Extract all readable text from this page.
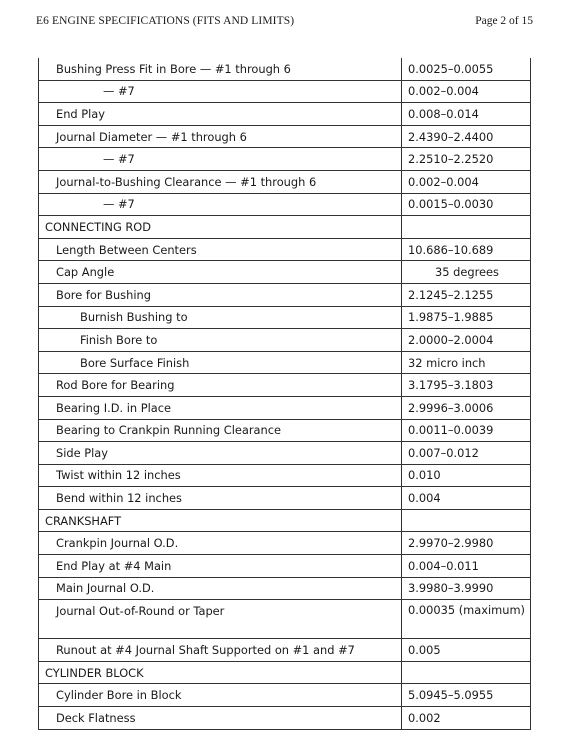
E6 ENGINE SPECIFICATIONS (FITS AND LIMITS)	Page 2 of 15
Bushing Press Fit in Bore — #1 through 6	0.0025–0.0055
— #7	0.002–0.004
End Play	0.008–0.014
Journal Diameter — #1 through 6	2.4390–2.4400
— #7	2.2510–2.2520
Journal-to-Bushing Clearance — #1 through 6	0.002–0.004
— #7	0.0015–0.0030
CONNECTING ROD	
Length Between Centers	10.686–10.689
Cap Angle	35 degrees
Bore for Bushing	2.1245–2.1255
Burnish Bushing to	1.9875–1.9885
Finish Bore to	2.0000–2.0004
Bore Surface Finish	32 micro inch
Rod Bore for Bearing	3.1795–3.1803
Bearing I.D. in Place	2.9996–3.0006
Bearing to Crankpin Running Clearance	0.0011–0.0039
Side Play	0.007–0.012
Twist within 12 inches	0.010
Bend within 12 inches	0.004
CRANKSHAFT	
Crankpin Journal O.D.	2.9970–2.9980
End Play at #4 Main	0.004–0.011
Main Journal O.D.	3.9980–3.9990
Journal Out-of-Round or Taper	0.00035 (maximum)
Runout at #4 Journal Shaft Supported on #1 and #7	0.005
CYLINDER BLOCK	
Cylinder Bore in Block	5.0945–5.0955
Deck Flatness	0.002
